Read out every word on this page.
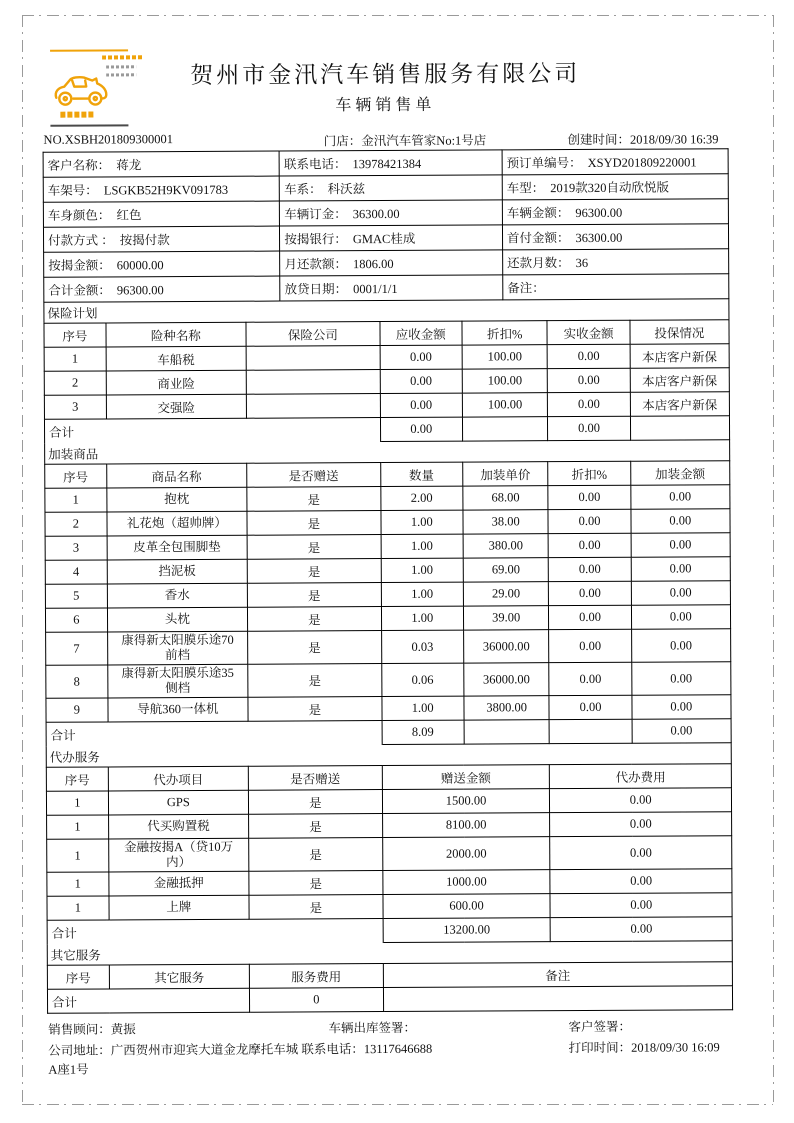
贺州市金汛汽车销售服务有限公司
车辆销售单
NO.XSBH201809300001	门店：金汛汽车管家No:1号店	创建时间：2018/09/30 16:39
客户名称： 蒋龙	联系电话： 13978421384	预订单编号： XSYD201809220001
车架号： LSGKB52H9KV091783	车系： 科沃兹	车型： 2019款320自动欣悦版
车身颜色： 红色	车辆订金： 36300.00	车辆金额： 96300.00
付款方式 ： 按揭付款	按揭银行： GMAC桂成	首付金额： 36300.00
按揭金额： 60000.00	月还款额： 1806.00	还款月数： 36
合计金额： 96300.00	放贷日期： 0001/1/1	备注：
保险计划
序号	险种名称	保险公司	应收金额	折扣%	实收金额	投保情况
1	车船税		0.00	100.00	0.00	本店客户新保
2	商业险		0.00	100.00	0.00	本店客户新保
3	交强险		0.00	100.00	0.00	本店客户新保
合计			0.00		0.00	
加装商品
序号	商品名称	是否赠送	数量	加装单价	折扣%	加装金额
1	抱枕	是	2.00	68.00	0.00	0.00
2	礼花炮（超帅牌）	是	1.00	38.00	0.00	0.00
3	皮革全包围脚垫	是	1.00	380.00	0.00	0.00
4	挡泥板	是	1.00	69.00	0.00	0.00
5	香水	是	1.00	29.00	0.00	0.00
6	头枕	是	1.00	39.00	0.00	0.00
7	康得新太阳膜乐途70
前档	是	0.03	36000.00	0.00	0.00
8	康得新太阳膜乐途35
侧档	是	0.06	36000.00	0.00	0.00
9	导航360一体机	是	1.00	3800.00	0.00	0.00
合计			8.09			0.00
代办服务
序号	代办项目	是否赠送	赠送金额	代办费用
1	GPS	是	1500.00	0.00
1	代买购置税	是	8100.00	0.00
1	金融按揭A（贷10万
内）	是	2000.00	0.00
1	金融抵押	是	1000.00	0.00
1	上牌	是	600.00	0.00
合计			13200.00	0.00
其它服务
序号	其它服务	服务费用	备注
合计		0	
销售顾问：黄振	车辆出库签署：	客户签署：
公司地址：广西贺州市迎宾大道金龙摩托车城 联系电话：13117646688	打印时间：2018/09/30 16:09
A座1号
